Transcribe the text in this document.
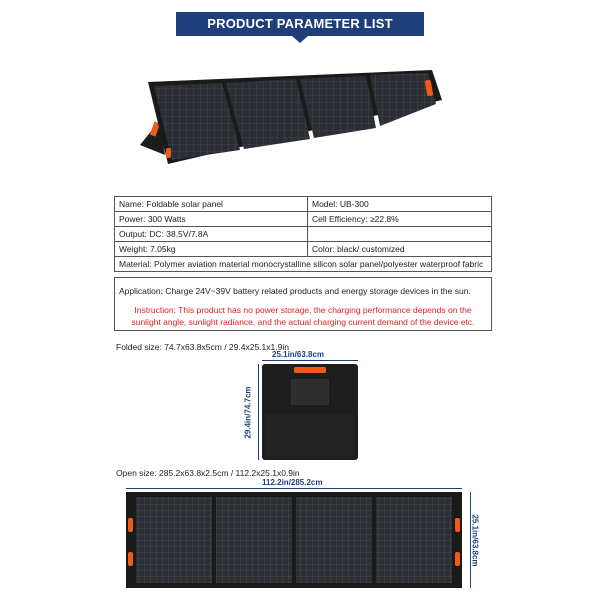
PRODUCT PARAMETER LIST
Name: Foldable solar panel	Model: UB-300
Power: 300 Watts	Cell Efficiency: ≥22.8%
Output: DC: 38.5V/7.8A	
Weight: 7.05kg	Color: black/ customized
Material: Polymer aviation material monocrystalline silicon solar panel/polyester waterproof fabric	
Application: Charge 24V~39V battery related products and energy storage devices in the sun.
Instruction: This product has no power storage, the charging performance depends on the sunlight angle, sunlight radiance, and the actual charging current demand of the device etc.
Folded size: 74.7x63.8x5cm / 29.4x25.1x1.9in
25.1in/63.8cm
29.4in/74.7cm
Open size: 285.2x63.8x2.5cm / 112.2x25.1x0.9in
112.2in/285.2cm
25.1in/63.8cm
